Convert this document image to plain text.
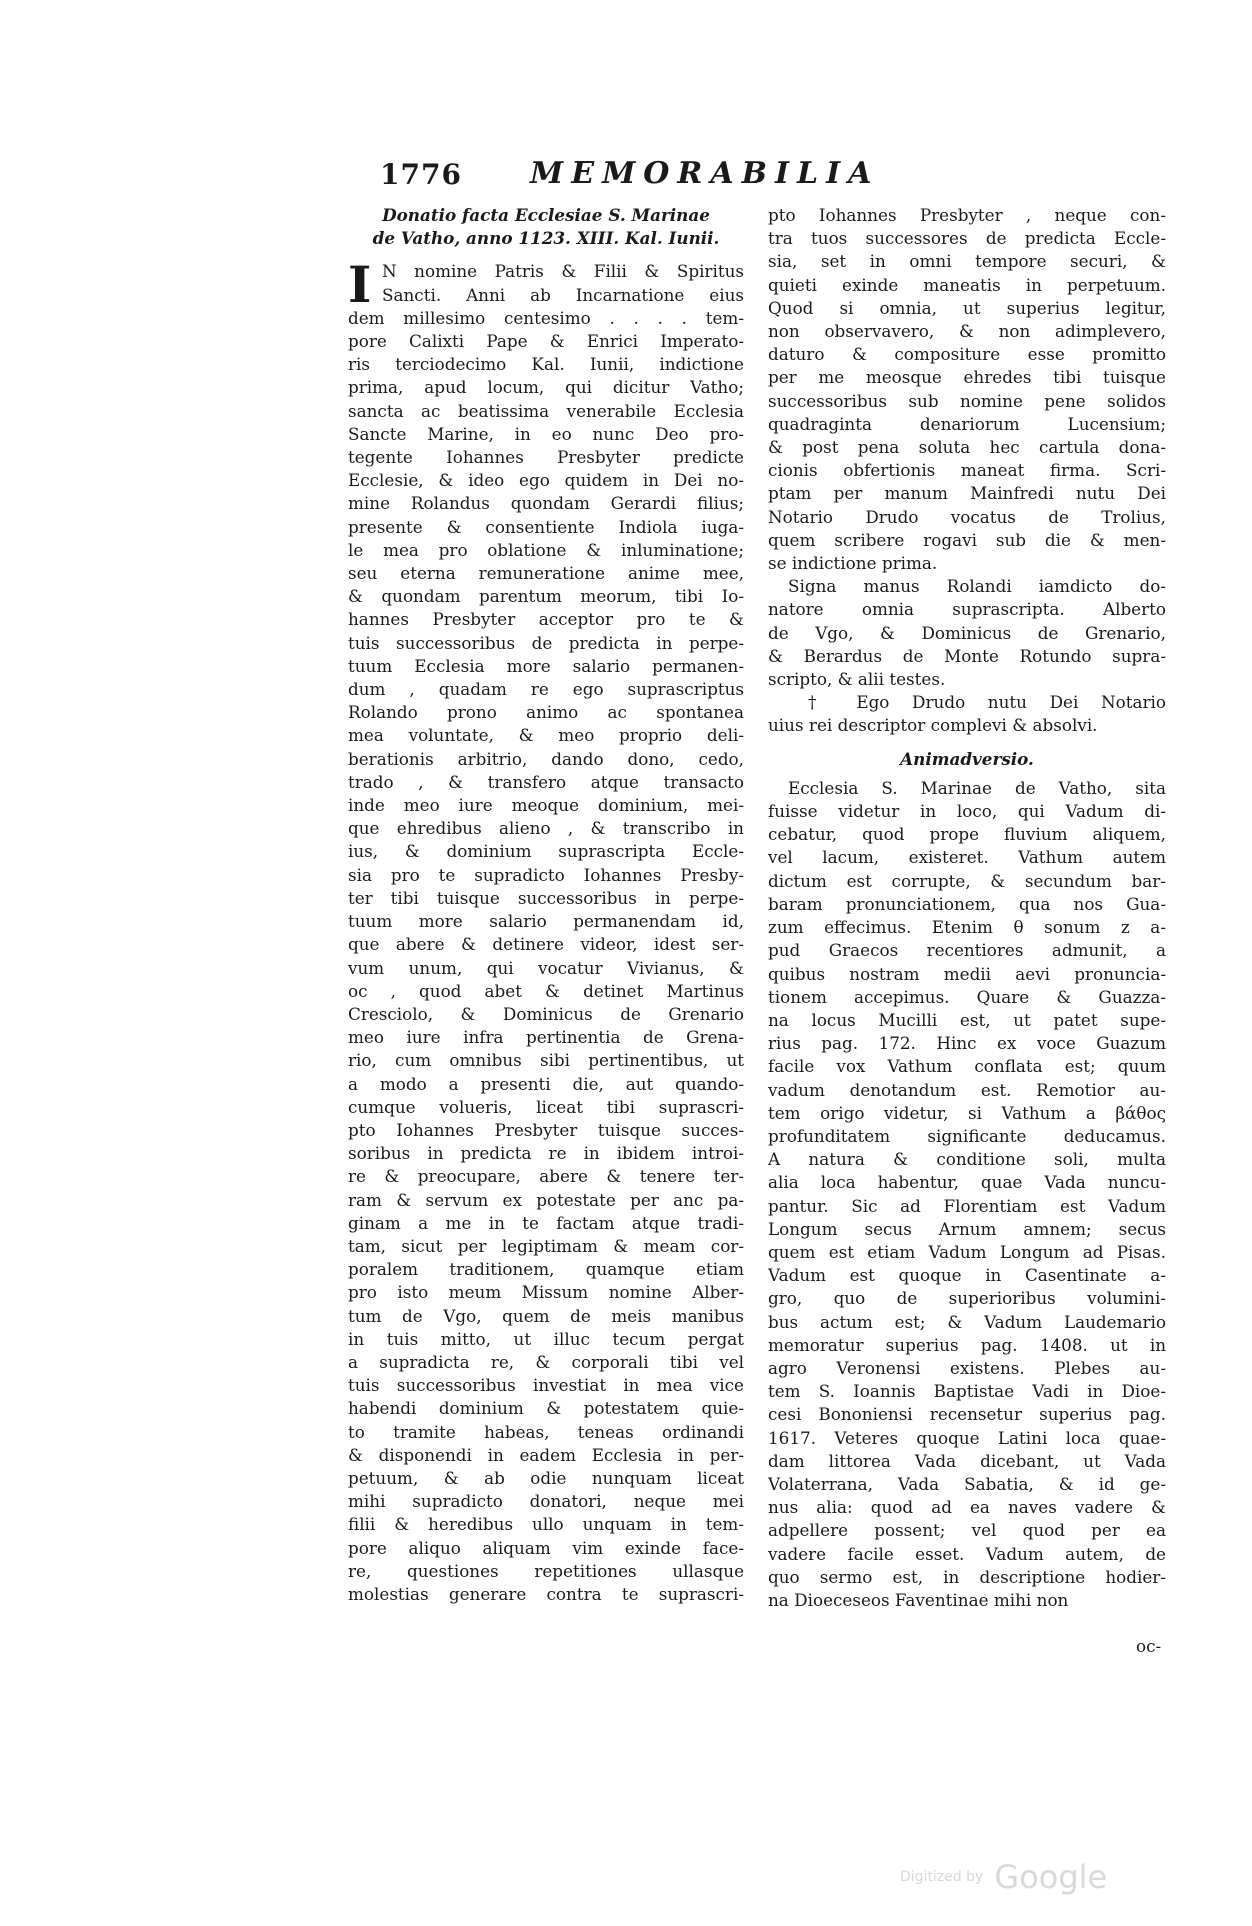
1776 MEMORABILIA
Donatio facta Ecclesiae S. Marinae
de Vatho, anno 1123. XIII. Kal. Iunii.
I N nomine Patris & Filii & Spiritus
Sancti. Anni ab Incarnatione eius
dem millesimo centesimo . . . . tem-
pore Calixti Pape & Enrici Imperato-
ris terciodecimo Kal. Iunii, indictione
prima, apud locum, qui dicitur Vatho;
sancta ac beatissima venerabile Ecclesia
Sancte Marine, in eo nunc Deo pro-
tegente Iohannes Presbyter predicte
Ecclesie, & ideo ego quidem in Dei no-
mine Rolandus quondam Gerardi filius;
presente & consentiente Indiola iuga-
le mea pro oblatione & inluminatione;
seu eterna remuneratione anime mee,
& quondam parentum meorum, tibi Io-
hannes Presbyter acceptor pro te &
tuis successoribus de predicta in perpe-
tuum Ecclesia more salario permanen-
dum , quadam re ego suprascriptus
Rolando prono animo ac spontanea
mea voluntate, & meo proprio deli-
berationis arbitrio, dando dono, cedo,
trado , & transfero atque transacto
inde meo iure meoque dominium, mei-
que ehredibus alieno , & transcribo in
ius, & dominium suprascripta Eccle-
sia pro te supradicto Iohannes Presby-
ter tibi tuisque successoribus in perpe-
tuum more salario permanendam id,
que abere & detinere videor, idest ser-
vum unum, qui vocatur Vivianus, &
oc , quod abet & detinet Martinus
Cresciolo, & Dominicus de Grenario
meo iure infra pertinentia de Grena-
rio, cum omnibus sibi pertinentibus, ut
a modo a presenti die, aut quando-
cumque volueris, liceat tibi suprascri-
pto Iohannes Presbyter tuisque succes-
soribus in predicta re in ibidem introi-
re & preocupare, abere & tenere ter-
ram & servum ex potestate per anc pa-
ginam a me in te factam atque tradi-
tam, sicut per legiptimam & meam cor-
poralem traditionem, quamque etiam
pro isto meum Missum nomine Alber-
tum de Vgo, quem de meis manibus
in tuis mitto, ut illuc tecum pergat
a supradicta re, & corporali tibi vel
tuis successoribus investiat in mea vice
habendi dominium & potestatem quie-
to tramite habeas, teneas ordinandi
& disponendi in eadem Ecclesia in per-
petuum, & ab odie nunquam liceat
mihi supradicto donatori, neque mei
filii & heredibus ullo unquam in tem-
pore aliquo aliquam vim exinde face-
re, questiones repetitiones ullasque
molestias generare contra te suprascri-
pto Iohannes Presbyter , neque con-
tra tuos successores de predicta Eccle-
sia, set in omni tempore securi, &
quieti exinde maneatis in perpetuum.
Quod si omnia, ut superius legitur,
non observavero, & non adimplevero,
daturo & compositure esse promitto
per me meosque ehredes tibi tuisque
successoribus sub nomine pene solidos
quadraginta denariorum Lucensium;
& post pena soluta hec cartula dona-
cionis obfertionis maneat firma. Scri-
ptam per manum Mainfredi nutu Dei
Notario Drudo vocatus de Trolius,
quem scribere rogavi sub die & men-
se indictione prima.
Signa manus Rolandi iamdicto do-
natore omnia suprascripta. Alberto
de Vgo, & Dominicus de Grenario,
& Berardus de Monte Rotundo supra-
scripto, & alii testes.
† Ego Drudo nutu Dei Notario
uius rei descriptor complevi & absolvi.
Animadversio.
Ecclesia S. Marinae de Vatho, sita
fuisse videtur in loco, qui Vadum di-
cebatur, quod prope fluvium aliquem,
vel lacum, existeret. Vathum autem
dictum est corrupte, & secundum bar-
baram pronunciationem, qua nos Gua-
zum effecimus. Etenim θ sonum z a-
pud Graecos recentiores admunit, a
quibus nostram medii aevi pronuncia-
tionem accepimus. Quare & Guazza-
na locus Mucilli est, ut patet supe-
rius pag. 172. Hinc ex voce Guazum
facile vox Vathum conflata est; quum
vadum denotandum est. Remotior au-
tem origo videtur, si Vathum a βάθος
profunditatem significante deducamus.
A natura & conditione soli, multa
alia loca habentur, quae Vada nuncu-
pantur. Sic ad Florentiam est Vadum
Longum secus Arnum amnem; secus
quem est etiam Vadum Longum ad Pisas.
Vadum est quoque in Casentinate a-
gro, quo de superioribus volumini-
bus actum est; & Vadum Laudemario
memoratur superius pag. 1408. ut in
agro Veronensi existens. Plebes au-
tem S. Ioannis Baptistae Vadi in Dioe-
cesi Bononiensi recensetur superius pag.
1617. Veteres quoque Latini loca quae-
dam littorea Vada dicebant, ut Vada
Volaterrana, Vada Sabatia, & id ge-
nus alia: quod ad ea naves vadere &
adpellere possent; vel quod per ea
vadere facile esset. Vadum autem, de
quo sermo est, in descriptione hodier-
na Dioeceseos Faventinae mihi non
oc-
Digitized by Google
